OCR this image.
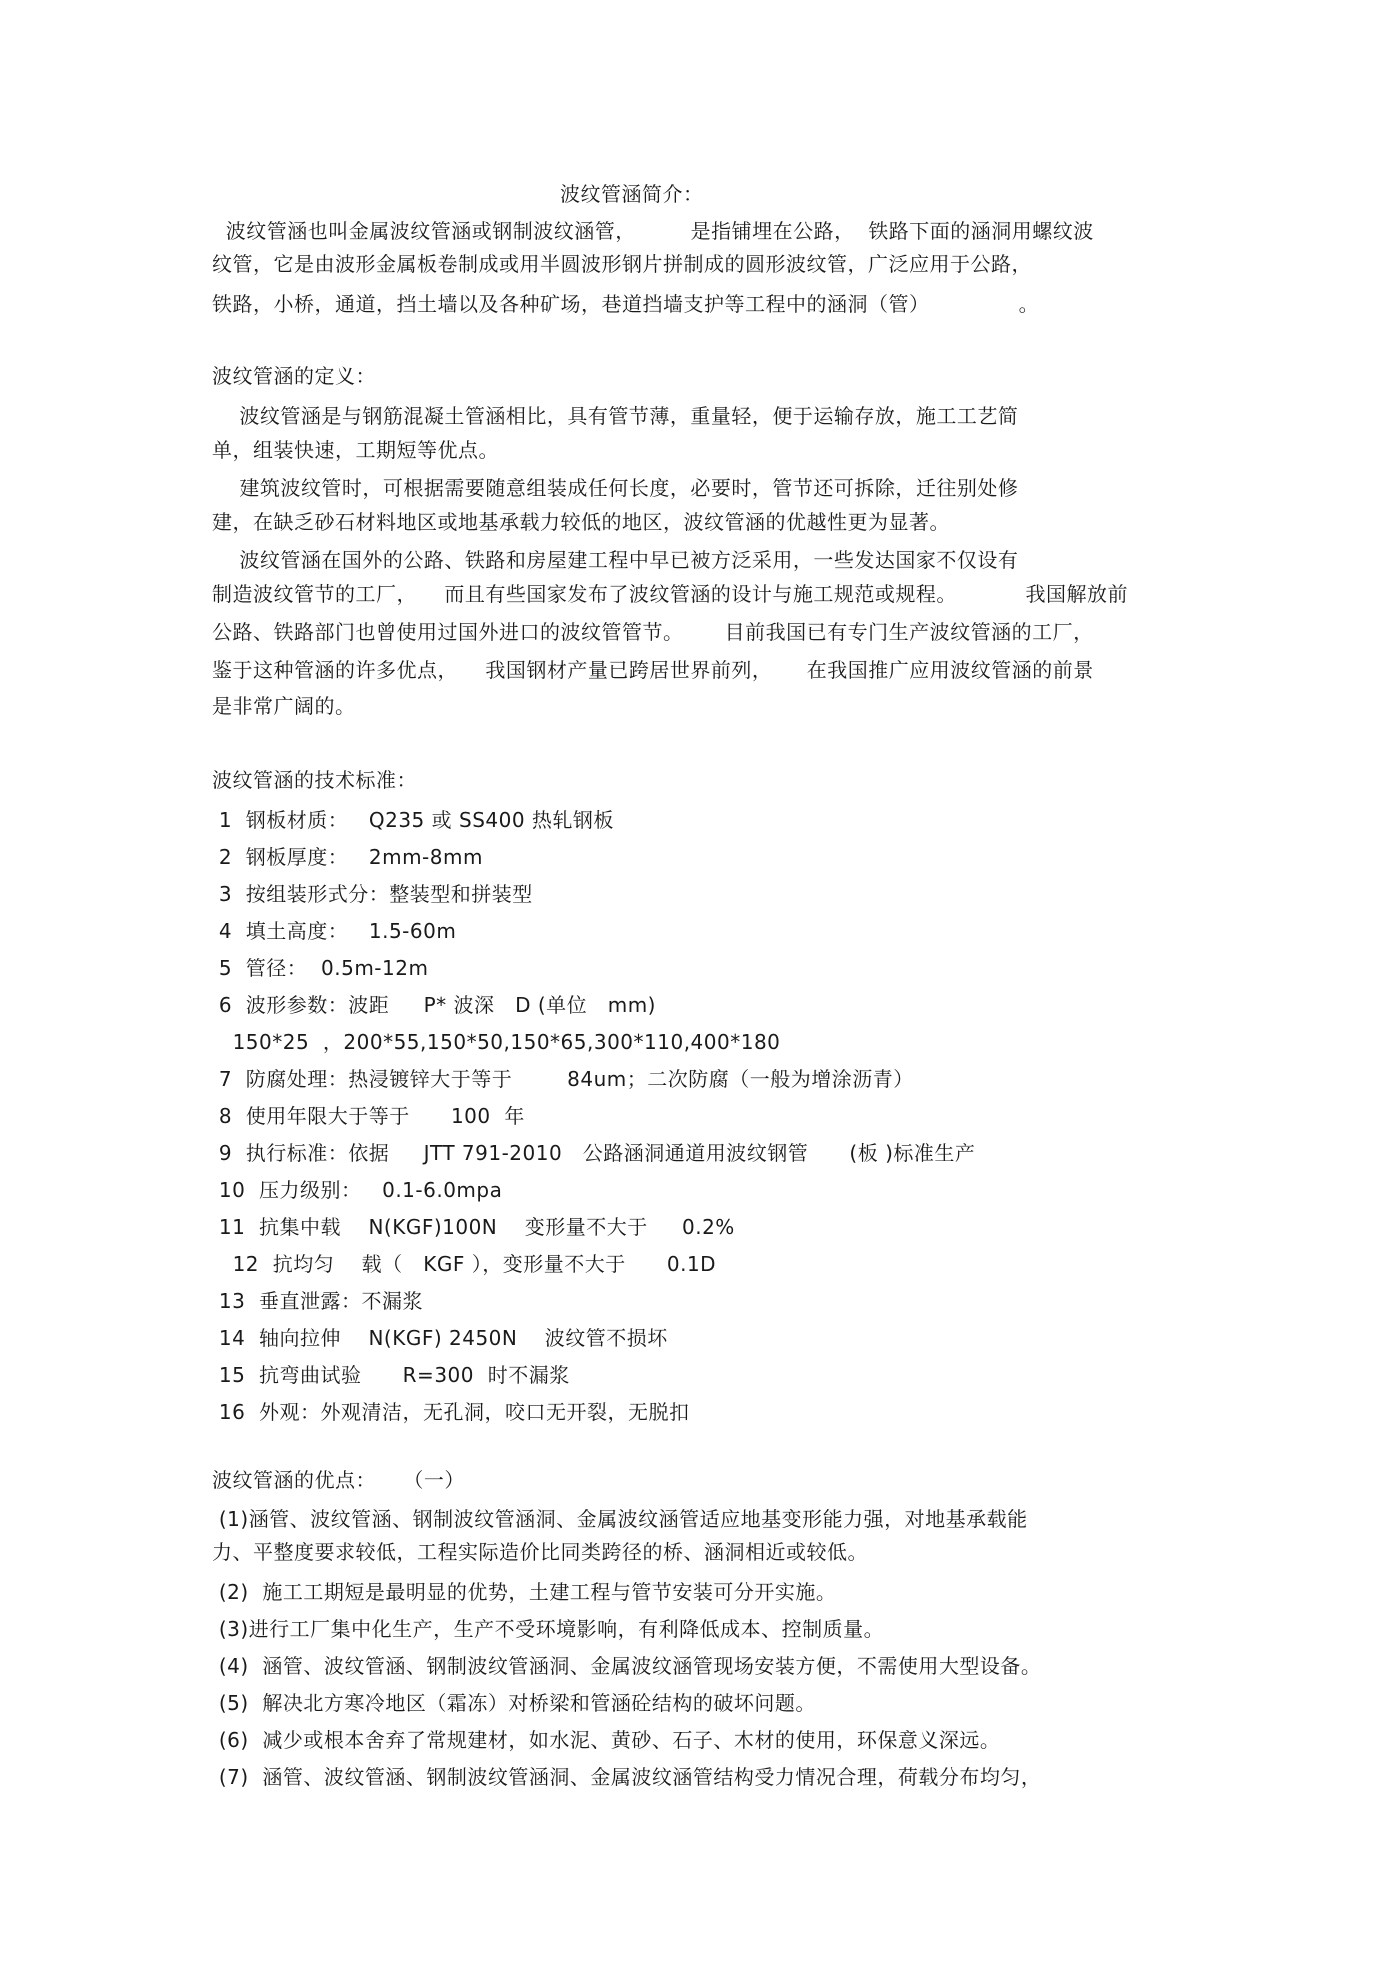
波纹管涵简介：
波纹管涵也叫金属波纹管涵或钢制波纹涵管，        是指铺埋在公路，  铁路下面的涵洞用螺纹波
纹管，它是由波形金属板卷制成或用半圆波形钢片拼制成的圆形波纹管，广泛应用于公路，
铁路，小桥，通道，挡土墙以及各种矿场，巷道挡墙支护等工程中的涵洞（管）             。
波纹管涵的定义：
波纹管涵是与钢筋混凝土管涵相比，具有管节薄，重量轻，便于运输存放，施工工艺简
单，组装快速，工期短等优点。
建筑波纹管时，可根据需要随意组装成任何长度，必要时，管节还可拆除，迁往别处修
建，在缺乏砂石材料地区或地基承载力较低的地区，波纹管涵的优越性更为显著。
波纹管涵在国外的公路、铁路和房屋建工程中早已被方泛采用，一些发达国家不仅设有
制造波纹管节的工厂，    而且有些国家发布了波纹管涵的设计与施工规范或规程。          我国解放前
公路、铁路部门也曾使用过国外进口的波纹管管节。      目前我国已有专门生产波纹管涵的工厂，
鉴于这种管涵的许多优点，    我国钢材产量已跨居世界前列，     在我国推广应用波纹管涵的前景
是非常广阔的。
波纹管涵的技术标准：
1  钢板材质：   Q235 或 SS400 热轧钢板
2  钢板厚度：   2mm-8mm
3  按组装形式分：整装型和拼装型
4  填土高度：   1.5-60m
5  管径：  0.5m-12m
6  波形参数：波距     P* 波深   D (单位   mm)
150*25  ，200*55,150*50,150*65,300*110,400*180
7  防腐处理：热浸镀锌大于等于        84um；二次防腐（一般为增涂沥青）
8  使用年限大于等于      100  年
9  执行标准：依据     JTT 791-2010   公路涵洞通道用波纹钢管      (板 )标准生产
10  压力级别：   0.1-6.0mpa
11  抗集中载    N(KGF)100N    变形量不大于     0.2%
12  抗均匀    载（   KGF ），变形量不大于      0.1D
13  垂直泄露：不漏浆
14  轴向拉伸    N(KGF) 2450N    波纹管不损坏
15  抗弯曲试验      R=300  时不漏浆
16  外观：外观清洁，无孔洞，咬口无开裂，无脱扣
波纹管涵的优点：    （一）
(1)涵管、波纹管涵、钢制波纹管涵洞、金属波纹涵管适应地基变形能力强，对地基承载能
力、平整度要求较低，工程实际造价比同类跨径的桥、涵洞相近或较低。
(2)  施工工期短是最明显的优势，土建工程与管节安装可分开实施。
(3)进行工厂集中化生产，生产不受环境影响，有利降低成本、控制质量。
(4)  涵管、波纹管涵、钢制波纹管涵洞、金属波纹涵管现场安装方便，不需使用大型设备。
(5)  解决北方寒冷地区（霜冻）对桥梁和管涵砼结构的破坏问题。
(6)  减少或根本舍弃了常规建材，如水泥、黄砂、石子、木材的使用，环保意义深远。
(7)  涵管、波纹管涵、钢制波纹管涵洞、金属波纹涵管结构受力情况合理，荷载分布均匀，
